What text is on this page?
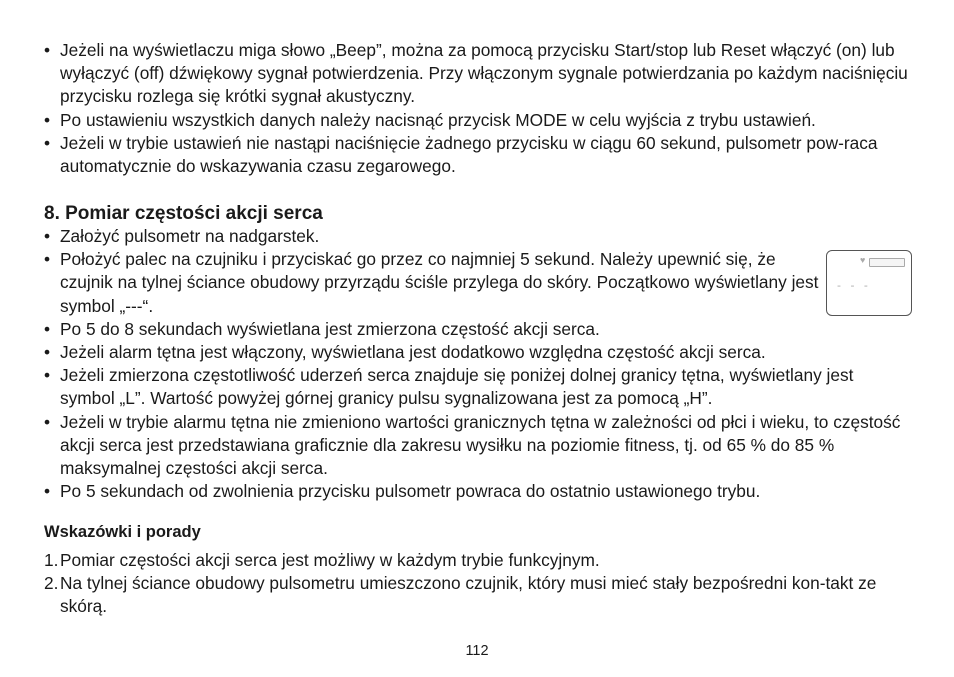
• Jeżeli na wyświetlaczu miga słowo „Beep”, można za pomocą przycisku Start/stop lub Reset włączyć (on) lub wyłączyć (off) dźwiękowy sygnał potwierdzenia. Przy włączonym sygnale potwierdzania po każdym naciśnięciu przycisku rozlega się krótki sygnał akustyczny.
• Po ustawieniu wszystkich danych należy nacisnąć przycisk MODE w celu wyjścia z trybu ustawień.
• Jeżeli w trybie ustawień nie nastąpi naciśnięcie żadnego przycisku w ciągu 60 sekund, pulsometr pow-raca automatycznie do wskazywania czasu zegarowego.
8. Pomiar częstości akcji serca
• Założyć pulsometr na nadgarstek.
• Położyć palec na czujniku i przyciskać go przez co najmniej 5 sekund. Należy upewnić się, że czujnik na tylnej ściance obudowy przyrządu ściśle przylega do skóry. Początkowo wyświetlany jest symbol „---“.
• Po 5 do 8 sekundach wyświetlana jest zmierzona częstość akcji serca.
• Jeżeli alarm tętna jest włączony, wyświetlana jest dodatkowo względna częstość akcji serca.
• Jeżeli zmierzona częstotliwość uderzeń serca znajduje się poniżej dolnej granicy tętna, wyświetlany jest symbol „L”. Wartość powyżej górnej granicy pulsu sygnalizowana jest za pomocą „H”.
• Jeżeli w trybie alarmu tętna nie zmieniono wartości granicznych tętna w zależności od płci i wieku, to częstość akcji serca jest przedstawiana graficznie dla zakresu wysiłku na poziomie fitness, tj. od 65 % do 85 % maksymalnej częstości akcji serca.
• Po 5 sekundach od zwolnienia przycisku pulsometr powraca do ostatnio ustawionego trybu.
♥
- - -
Wskazówki i porady
1. Pomiar częstości akcji serca jest możliwy w każdym trybie funkcyjnym.
2. Na tylnej ściance obudowy pulsometru umieszczono czujnik, który musi mieć stały bezpośredni kon-takt ze skórą.
112
